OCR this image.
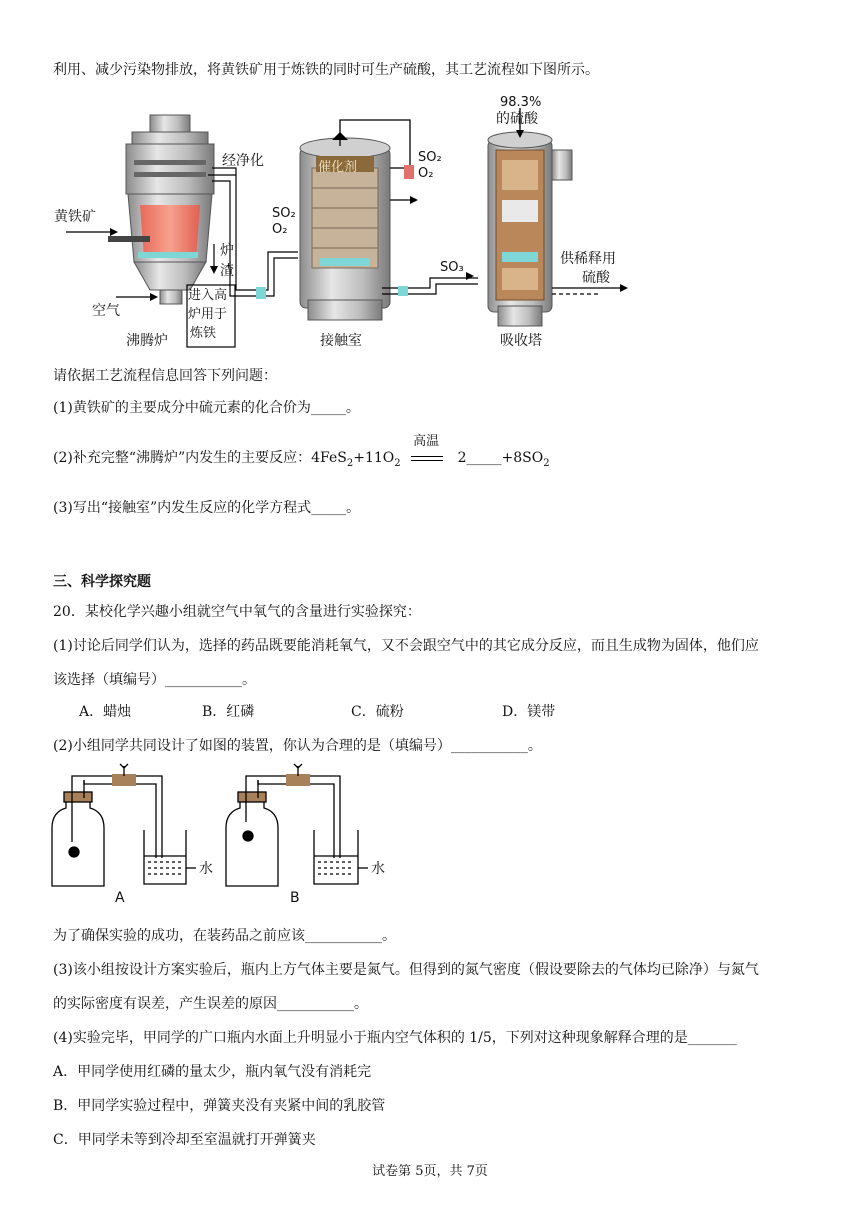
利用、减少污染物排放，将黄铁矿用于炼铁的同时可生产硫酸，其工艺流程如下图所示。
98.3%
的硫酸
经净化	催化剂
SO₂
O₂
SO₂
O₂
SO₃
黄铁矿
炉
渣
进入高
炉用于
炼铁
空气
沸腾炉	接触室	吸收塔
供稀释用
硫酸
请依据工艺流程信息回答下列问题：
(1)黄铁矿的主要成分中硫元素的化合价为_____。
(2)补充完整“沸腾炉”内发生的主要反应：$4FeS_2+11O_2$
高温
$2\_\_\_\_\_+8SO_2$
(3)写出“接触室”内发生反应的化学方程式_____。
三、科学探究题
20．某校化学兴趣小组就空气中氧气的含量进行实验探究：
(1)讨论后同学们认为，选择的药品既要能消耗氧气，又不会跟空气中的其它成分反应，而且生成物为固体，他们应
该选择（填编号）___________。
A．蜡烛	B．红磷	C．硫粉	D．镁带
(2)小组同学共同设计了如图的装置，你认为合理的是（填编号）___________。
水	水
A	B
为了确保实验的成功，在装药品之前应该___________。
(3)该小组按设计方案实验后，瓶内上方气体主要是氮气。但得到的氮气密度（假设要除去的气体均已除净）与氮气
的实际密度有误差，产生误差的原因___________。
(4)实验完毕，甲同学的广口瓶内水面上升明显小于瓶内空气体积的 1/5，下列对这种现象解释合理的是_______
A．甲同学使用红磷的量太少，瓶内氧气没有消耗完
B．甲同学实验过程中，弹簧夹没有夹紧中间的乳胶管
C．甲同学未等到冷却至室温就打开弹簧夹
试卷第 5页，共 7页
